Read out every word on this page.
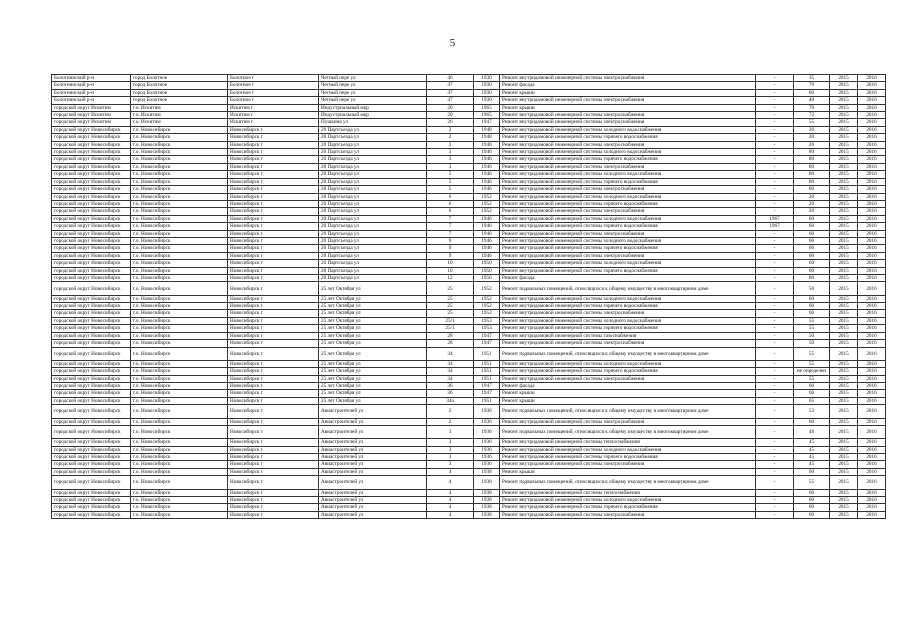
5
Болотнинский р-н	город Болотное	Болотное г	Четный пере ул	46	1930	Ремонт внутридомовой инженерной системы электроснабжения	-	35	2015	2016
Болотнинский р-н	город Болотное	Болотное г	Четный пере ул	47	1930	Ремонт фасада	-	70	2015	2016
Болотнинский р-н	город Болотное	Болотное г	Четный пере ул	47	1930	Ремонт крыши	-	80	2015	2016
Болотнинский р-н	город Болотное	Болотное г	Четный пере ул	47	1930	Ремонт внутридомовой инженерной системы электроснабжения	-	40	2015	2016
городской округ Искитим	г.о. Искитим	Искитим г	Индустриальный мкр	20	1965	Ремонт крыши	-	70	2015	2016
городской округ Искитим	г.о. Искитим	Искитим г	Индустриальный мкр	20	1965	Ремонт внутридомовой инженерной системы электроснабжения	-	72	2015	2016
городской округ Искитим	г.о. Искитим	Искитим г	Пушкина ул	26	1947	Ремонт внутридомовой инженерной системы электроснабжения	-	55	2015	2016
городской округ Новосибирск	г.о. Новосибирск	Новосибирск г	20 Партсъезда ул	2	1948	Ремонт внутридомовой инженерной системы холодного водоснабжения	-	20	2015	2016
городской округ Новосибирск	г.о. Новосибирск	Новосибирск г	20 Партсъезда ул	2	1948	Ремонт внутридомовой инженерной системы горячего водоснабжения	-	20	2015	2016
городской округ Новосибирск	г.о. Новосибирск	Новосибирск г	20 Партсъезда ул	2	1948	Ремонт внутридомовой инженерной системы электроснабжения	-	26	2015	2016
городской округ Новосибирск	г.о. Новосибирск	Новосибирск г	20 Партсъезда ул	3	1946	Ремонт внутридомовой инженерной системы холодного водоснабжения	-	80	2015	2016
городской округ Новосибирск	г.о. Новосибирск	Новосибирск г	20 Партсъезда ул	3	1946	Ремонт внутридомовой инженерной системы горячего водоснабжения	-	80	2015	2016
городской округ Новосибирск	г.о. Новосибирск	Новосибирск г	20 Партсъезда ул	3	1946	Ремонт внутридомовой инженерной системы электроснабжения	-	80	2015	2016
городской округ Новосибирск	г.о. Новосибирск	Новосибирск г	20 Партсъезда ул	5	1946	Ремонт внутридомовой инженерной системы холодного водоснабжения	-	80	2015	2016
городской округ Новосибирск	г.о. Новосибирск	Новосибирск г	20 Партсъезда ул	5	1946	Ремонт внутридомовой инженерной системы горячего водоснабжения	-	80	2015	2016
городской округ Новосибирск	г.о. Новосибирск	Новосибирск г	20 Партсъезда ул	5	1946	Ремонт внутридомовой инженерной системы электроснабжения	-	80	2015	2016
городской округ Новосибирск	г.о. Новосибирск	Новосибирск г	20 Партсъезда ул	6	1952	Ремонт внутридомовой инженерной системы холодного водоснабжения	-	20	2015	2016
городской округ Новосибирск	г.о. Новосибирск	Новосибирск г	20 Партсъезда ул	6	1952	Ремонт внутридомовой инженерной системы горячего водоснабжения	-	20	2015	2016
городской округ Новосибирск	г.о. Новосибирск	Новосибирск г	20 Партсъезда ул	6	1952	Ремонт внутридомовой инженерной системы электроснабжения	-	20	2015	2016
городской округ Новосибирск	г.о. Новосибирск	Новосибирск г	20 Партсъезда ул	7	1946	Ремонт внутридомовой инженерной системы холодного водоснабжения	1967	60	2015	2016
городской округ Новосибирск	г.о. Новосибирск	Новосибирск г	20 Партсъезда ул	7	1946	Ремонт внутридомовой инженерной системы горячего водоснабжения	1967	60	2015	2016
городской округ Новосибирск	г.о. Новосибирск	Новосибирск г	20 Партсъезда ул	7	1946	Ремонт внутридомовой инженерной системы электроснабжения	-	60	2015	2016
городской округ Новосибирск	г.о. Новосибирск	Новосибирск г	20 Партсъезда ул	9	1946	Ремонт внутридомовой инженерной системы холодного водоснабжения	-	60	2015	2016
городской округ Новосибирск	г.о. Новосибирск	Новосибирск г	20 Партсъезда ул	9	1946	Ремонт внутридомовой инженерной системы горячего водоснабжения	-	60	2015	2016
городской округ Новосибирск	г.о. Новосибирск	Новосибирск г	20 Партсъезда ул	9	1946	Ремонт внутридомовой инженерной системы электроснабжения	-	60	2015	2016
городской округ Новосибирск	г.о. Новосибирск	Новосибирск г	20 Партсъезда ул	10	1950	Ремонт внутридомовой инженерной системы холодного водоснабжения	-	60	2015	2016
городской округ Новосибирск	г.о. Новосибирск	Новосибирск г	20 Партсъезда ул	10	1950	Ремонт внутридомовой инженерной системы горячего водоснабжения	-	60	2015	2016
городской округ Новосибирск	г.о. Новосибирск	Новосибирск г	20 Партсъезда ул	12	1956	Ремонт фасада	-	80	2015	2016
городской округ Новосибирск	г.о. Новосибирск	Новосибирск г	25 лет Октября ул	25	1952	Ремонт подвальных помещений, относящихся к общему имуществу в многоквартирном доме	-	50	2015	2016
городской округ Новосибирск	г.о. Новосибирск	Новосибирск г	25 лет Октября ул	25	1952	Ремонт внутридомовой инженерной системы холодного водоснабжения	-	60	2015	2016
городской округ Новосибирск	г.о. Новосибирск	Новосибирск г	25 лет Октября ул	25	1952	Ремонт внутридомовой инженерной системы горячего водоснабжения	-	60	2015	2016
городской округ Новосибирск	г.о. Новосибирск	Новосибирск г	25 лет Октября ул	25	1952	Ремонт внутридомовой инженерной системы электроснабжения	-	60	2015	2016
городской округ Новосибирск	г.о. Новосибирск	Новосибирск г	25 лет Октября ул	25/1	1953	Ремонт внутридомовой инженерной системы холодного водоснабжения	-	55	2015	2016
городской округ Новосибирск	г.о. Новосибирск	Новосибирск г	25 лет Октября ул	25/1	1953	Ремонт внутридомовой инженерной системы горячего водоснабжения	-	55	2015	2016
городской округ Новосибирск	г.о. Новосибирск	Новосибирск г	25 лет Октября ул	28	1947	Ремонт внутридомовой инженерной системы газоснабжения	-	50	2015	2016
городской округ Новосибирск	г.о. Новосибирск	Новосибирск г	25 лет Октября ул	28	1947	Ремонт внутридомовой инженерной системы электроснабжения	-	50	2015	2016
городской округ Новосибирск	г.о. Новосибирск	Новосибирск г	25 лет Октября ул	34	1951	Ремонт подвальных помещений, относящихся к общему имуществу в многоквартирном доме	-	55	2015	2016
городской округ Новосибирск	г.о. Новосибирск	Новосибирск г	25 лет Октября ул	34	1951	Ремонт внутридомовой инженерной системы холодного водоснабжения	-	55	2015	2016
городской округ Новосибирск	г.о. Новосибирск	Новосибирск г	25 лет Октября ул	34	1951	Ремонт внутридомовой инженерной системы горячего водоснабжения	-	не определен	2015	2016
городской округ Новосибирск	г.о. Новосибирск	Новосибирск г	25 лет Октября ул	34	1951	Ремонт внутридомовой инженерной системы электроснабжения	-	55	2015	2016
городской округ Новосибирск	г.о. Новосибирск	Новосибирск г	25 лет Октября ул	36	1947	Ремонт фасада	-	60	2015	2016
городской округ Новосибирск	г.о. Новосибирск	Новосибирск г	25 лет Октября ул	36	1947	Ремонт крыши	-	60	2015	2016
городской округ Новосибирск	г.о. Новосибирск	Новосибирск г	25 лет Октября ул	34а	1951	Ремонт крыши	-	65	2015	2016
городской округ Новосибирск	г.о. Новосибирск	Новосибирск г	Авиастроителей ул	2	1936	Ремонт подвальных помещений, относящихся к общему имуществу в многоквартирном доме	-	53	2015	2016
городской округ Новосибирск	г.о. Новосибирск	Новосибирск г	Авиастроителей ул	2	1936	Ремонт внутридомовой инженерной системы электроснабжения	-	60	2015	2016
городской округ Новосибирск	г.о. Новосибирск	Новосибирск г	Авиастроителей ул	3	1936	Ремонт подвальных помещений, относящихся к общему имуществу в многоквартирном доме	-	48	2015	2016
городской округ Новосибирск	г.о. Новосибирск	Новосибирск г	Авиастроителей ул	3	1936	Ремонт внутридомовой инженерной системы теплоснабжения	-	45	2015	2016
городской округ Новосибирск	г.о. Новосибирск	Новосибирск г	Авиастроителей ул	3	1936	Ремонт внутридомовой инженерной системы холодного водоснабжения	-	45	2015	2016
городской округ Новосибирск	г.о. Новосибирск	Новосибирск г	Авиастроителей ул	3	1936	Ремонт внутридомовой инженерной системы горячего водоснабжения	-	45	2015	2016
городской округ Новосибирск	г.о. Новосибирск	Новосибирск г	Авиастроителей ул	3	1936	Ремонт внутридомовой инженерной системы электроснабжения	-	45	2015	2016
городской округ Новосибирск	г.о. Новосибирск	Новосибирск г	Авиастроителей ул	4	1938	Ремонт крыши	-	60	2015	2016
городской округ Новосибирск	г.о. Новосибирск	Новосибирск г	Авиастроителей ул	4	1938	Ремонт подвальных помещений, относящихся к общему имуществу в многоквартирном доме	-	55	2015	2016
городской округ Новосибирск	г.о. Новосибирск	Новосибирск г	Авиастроителей ул	4	1938	Ремонт внутридомовой инженерной системы теплоснабжения	-	60	2015	2016
городской округ Новосибирск	г.о. Новосибирск	Новосибирск г	Авиастроителей ул	4	1938	Ремонт внутридомовой инженерной системы холодного водоснабжения	-	60	2015	2016
городской округ Новосибирск	г.о. Новосибирск	Новосибирск г	Авиастроителей ул	4	1938	Ремонт внутридомовой инженерной системы горячего водоснабжения	-	60	2015	2016
городской округ Новосибирск	г.о. Новосибирск	Новосибирск г	Авиастроителей ул	4	1938	Ремонт внутридомовой инженерной системы электроснабжения	-	60	2015	2016
